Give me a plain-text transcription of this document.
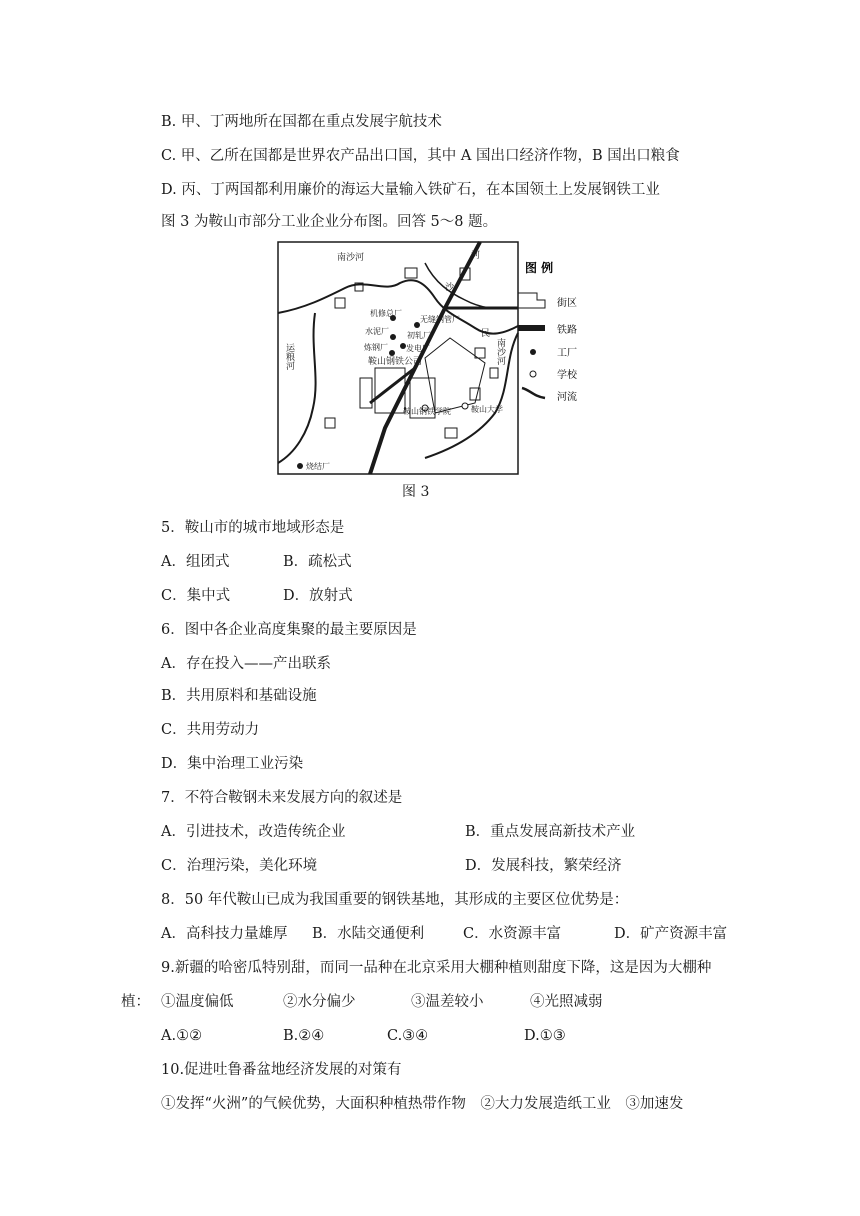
B. 甲、丁两地所在国都在重点发展宇航技术
C. 甲、乙所在国都是世界农产品出口国，其中 A 国出口经济作物，B 国出口粮食
D. 丙、丁两国都利用廉价的海运大量输入铁矿石，在本国领土上发展钢铁工业
图 3 为鞍山市部分工业企业分布图。回答 5～8 题。
南沙河
运粮河	南沙河
机修总厂
无缝钢管厂
水泥厂 初轧厂
炼钢厂 发电厂
鞍山钢铁公司
民
鞍山钢铁学院	鞍山大学
烧结厂
沙
河
图 例
街区
铁路
工厂
学校
河流
图 3
5．鞍山市的城市地域形态是
A．组团式	B．疏松式
C．集中式	D．放射式
6．图中各企业高度集聚的最主要原因是
A．存在投入——产出联系
B．共用原料和基础设施
C．共用劳动力
D．集中治理工业污染
7．不符合鞍钢未来发展方向的叙述是
A．引进技术，改造传统企业	B．重点发展高新技术产业
C．治理污染，美化环境	D．发展科技，繁荣经济
8．50 年代鞍山已成为我国重要的钢铁基地，其形成的主要区位优势是：
A．高科技力量雄厚 B．水陆交通便利	C．水资源丰富	D．矿产资源丰富
9.新疆的哈密瓜特别甜，而同一品种在北京采用大棚种植则甜度下降，这是因为大棚种
植： ①温度偏低	②水分偏少	③温差较小	④光照减弱
A.①②	B.②④	C.③④	D.①③
10.促进吐鲁番盆地经济发展的对策有
①发挥“火洲”的气候优势，大面积种植热带作物　②大力发展造纸工业　③加速发
